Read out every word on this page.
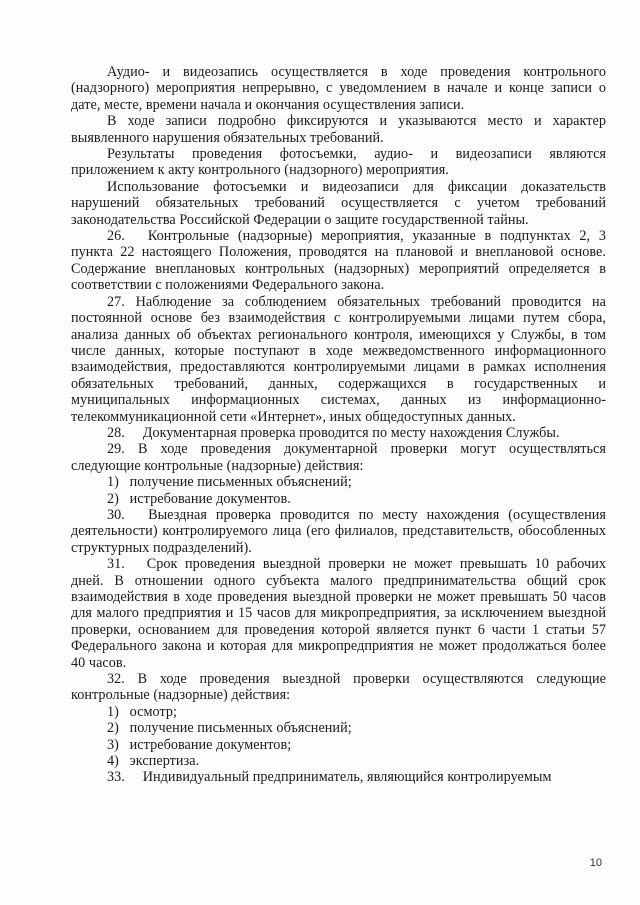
Аудио- и видеозапись осуществляется в ходе проведения контрольного (надзорного) мероприятия непрерывно, с уведомлением в начале и конце записи о дате, месте, времени начала и окончания осуществления записи.

В ходе записи подробно фиксируются и указываются место и характер выявленного нарушения обязательных требований.

Результаты проведения фотосъемки, аудио- и видеозаписи являются приложением к акту контрольного (надзорного) мероприятия.

Использование фотосъемки и видеозаписи для фиксации доказательств нарушений обязательных требований осуществляется с учетом требований законодательства Российской Федерации о защите государственной тайны.

26.  Контрольные (надзорные) мероприятия, указанные в подпунктах 2, 3 пункта 22 настоящего Положения, проводятся на плановой и внеплановой основе. Содержание внеплановых контрольных (надзорных) мероприятий определяется в соответствии с положениями Федерального закона.

27. Наблюдение за соблюдением обязательных требований проводится на постоянной основе без взаимодействия с контролируемыми лицами путем сбора, анализа данных об объектах регионального контроля, имеющихся у Службы, в том числе данных, которые поступают в ходе межведомственного информационного взаимодействия, предоставляются контролируемыми лицами в рамках исполнения обязательных требований, данных, содержащихся в государственных и муниципальных информационных системах, данных из информационно- телекоммуникационной сети «Интернет», иных общедоступных данных.

28.  Документарная проверка проводится по месту нахождения Службы.

29. В ходе проведения документарной проверки могут осуществляться следующие контрольные (надзорные) действия:

1)  получение письменных объяснений;

2)  истребование документов.

30.  Выездная проверка проводится по месту нахождения (осуществления деятельности) контролируемого лица (его филиалов, представительств, обособленных структурных подразделений).

31.  Срок проведения выездной проверки не может превышать 10 рабочих дней. В отношении одного субъекта малого предпринимательства общий срок взаимодействия в ходе проведения выездной проверки не может превышать 50 часов для малого предприятия и 15 часов для микропредприятия, за исключением выездной проверки, основанием для проведения которой является пункт 6 части 1 статьи 57 Федерального закона и которая для микропредприятия не может продолжаться более 40 часов.

32. В ходе проведения выездной проверки осуществляются следующие контрольные (надзорные) действия:

1)  осмотр;

2)  получение письменных объяснений;

3)  истребование документов;

4)  экспертиза.

33.  Индивидуальный предприниматель, являющийся контролируемым

10
